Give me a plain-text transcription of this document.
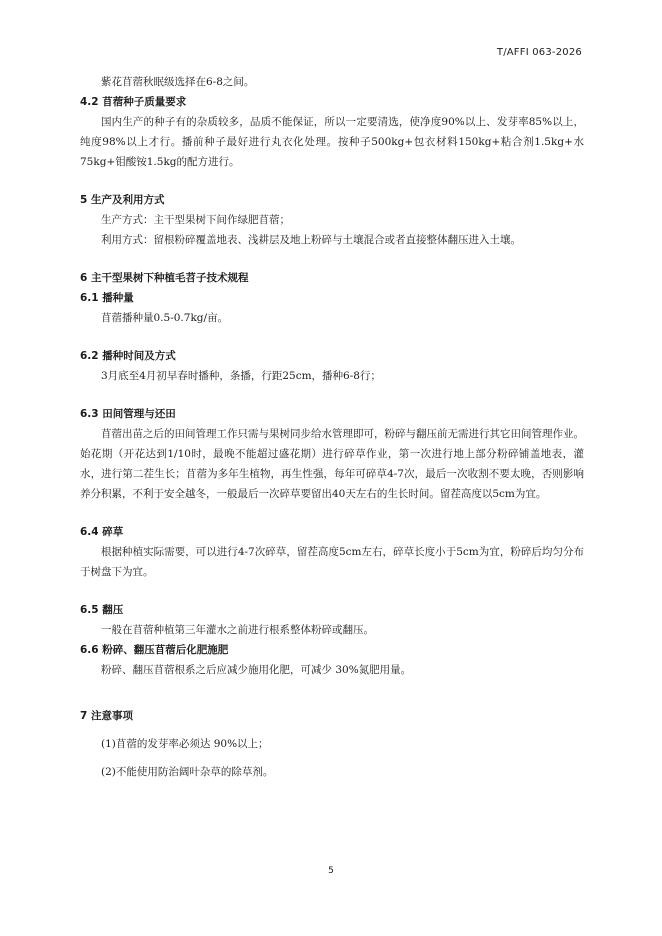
T/AFFI 063-2026

紫花苜蓿秋眠级选择在6-8之间。

4.2 苜蓿种子质量要求

国内生产的种子有的杂质较多，品质不能保证，所以一定要清选，使净度90%以上、发芽率85%以上，纯度98%以上才行。播前种子最好进行丸衣化处理。按种子500kg+包衣材料150kg+粘合剂1.5kg+水75kg+钼酸铵1.5kg的配方进行。

5 生产及利用方式

生产方式：主干型果树下间作绿肥苜蓿；

利用方式：留根粉碎覆盖地表、浅耕层及地上粉碎与土壤混合或者直接整体翻压进入土壤。

6 主干型果树下种植毛苕子技术规程

6.1 播种量

苜蓿播种量0.5-0.7kg/亩。

6.2 播种时间及方式

3月底至4月初早春时播种，条播，行距25cm，播种6-8行；

6.3 田间管理与还田

苜蓿出苗之后的田间管理工作只需与果树同步给水管理即可，粉碎与翻压前无需进行其它田间管理作业。始花期（开花达到1/10时，最晚不能超过盛花期）进行碎草作业，第一次进行地上部分粉碎铺盖地表，灌水，进行第二茬生长；苜蓿为多年生植物，再生性强，每年可碎草4-7次，最后一次收割不要太晚，否则影响养分积累，不利于安全越冬，一般最后一次碎草要留出40天左右的生长时间。留茬高度以5cm为宜。

6.4 碎草

根据种植实际需要，可以进行4-7次碎草，留茬高度5cm左右，碎草长度小于5cm为宜，粉碎后均匀分布于树盘下为宜。

6.5 翻压

一般在苜蓿种植第三年灌水之前进行根系整体粉碎或翻压。

6.6 粉碎、翻压苜蓿后化肥施肥

粉碎、翻压苜蓿根系之后应减少施用化肥，可减少 30%氮肥用量。

7 注意事项

(1)苜蓿的发芽率必须达 90%以上；

(2)不能使用防治阔叶杂草的除草剂。

5
